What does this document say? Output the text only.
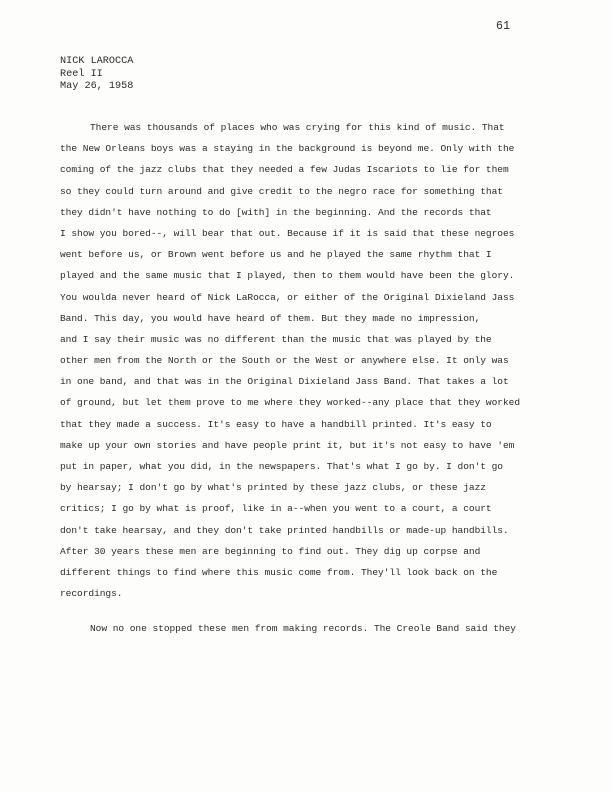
61
NICK LAROCCA
Reel II
May 26, 1958
There was thousands of places who was crying for this kind of music. That
the New Orleans boys was a staying in the background is beyond me. Only with the
coming of the jazz clubs that they needed a few Judas Iscariots to lie for them
so they could turn around and give credit to the negro race for something that
they didn't have nothing to do [with] in the beginning. And the records that
I show you bored--, will bear that out. Because if it is said that these negroes
went before us, or Brown went before us and he played the same rhythm that I
played and the same music that I played, then to them would have been the glory.
You woulda never heard of Nick LaRocca, or either of the Original Dixieland Jass
Band. This day, you would have heard of them. But they made no impression,
and I say their music was no different than the music that was played by the
other men from the North or the South or the West or anywhere else. It only was
in one band, and that was in the Original Dixieland Jass Band. That takes a lot
of ground, but let them prove to me where they worked--any place that they worked
that they made a success. It's easy to have a handbill printed. It's easy to
make up your own stories and have people print it, but it's not easy to have 'em
put in paper, what you did, in the newspapers. That's what I go by. I don't go
by hearsay; I don't go by what's printed by these jazz clubs, or these jazz
critics; I go by what is proof, like in a--when you went to a court, a court
don't take hearsay, and they don't take printed handbills or made-up handbills.
After 30 years these men are beginning to find out. They dig up corpse and
different things to find where this music come from. They'll look back on the
recordings.
Now no one stopped these men from making records. The Creole Band said they
